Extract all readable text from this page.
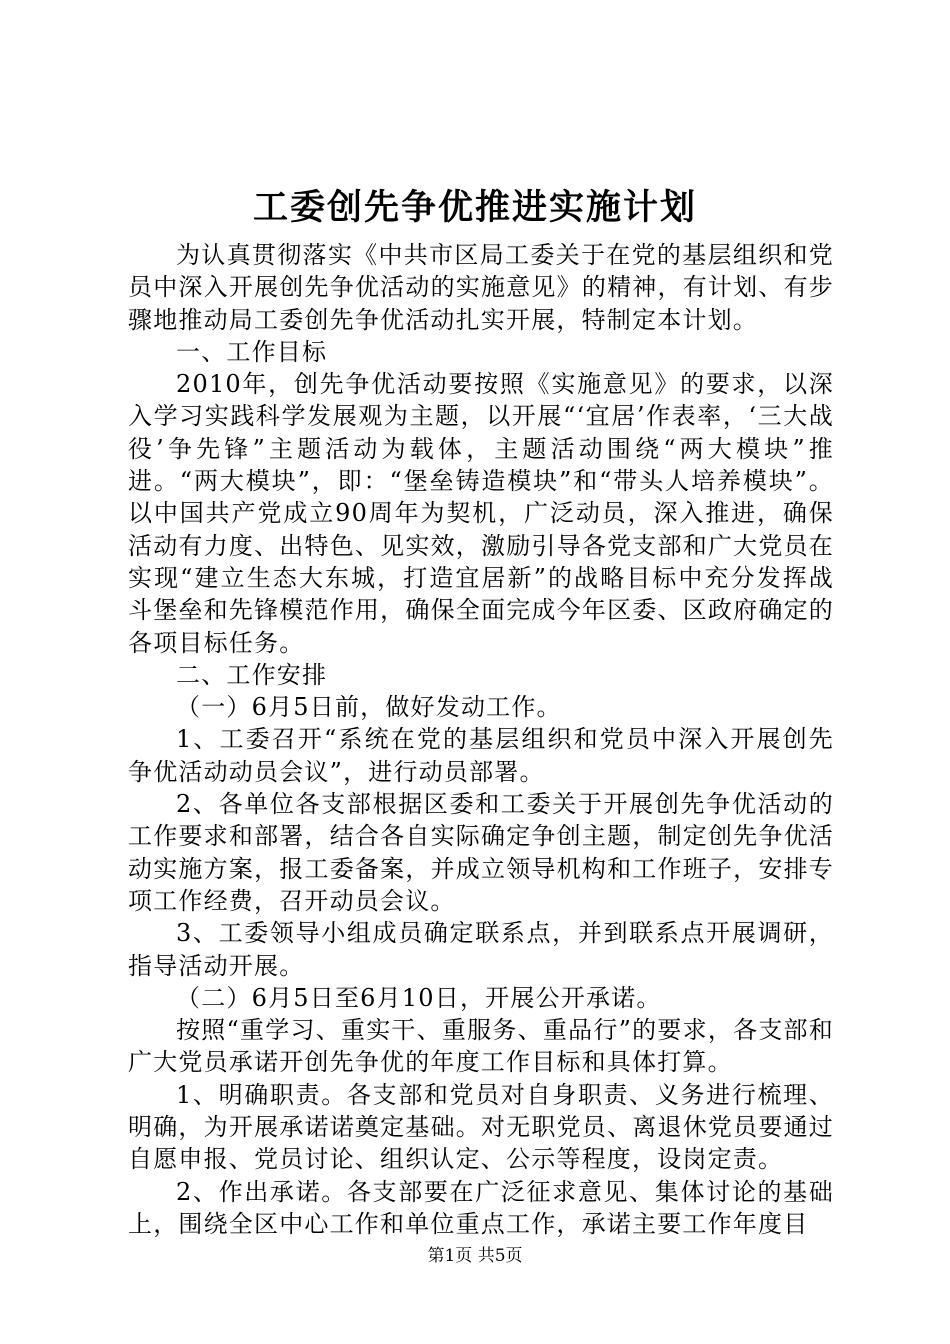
工委创先争优推进实施计划

为认真贯彻落实《中共市区局工委关于在党的基层组织和党员中深入开展创先争优活动的实施意见》的精神，有计划、有步骤地推动局工委创先争优活动扎实开展，特制定本计划。

一、工作目标

2010年，创先争优活动要按照《实施意见》的要求，以深入学习实践科学发展观为主题，以开展“‘宜居’作表率，‘三大战役’争先锋”主题活动为载体，主题活动围绕“两大模块”推进。“两大模块”，即：“堡垒铸造模块”和“带头人培养模块”。以中国共产党成立90周年为契机，广泛动员，深入推进，确保活动有力度、出特色、见实效，激励引导各党支部和广大党员在实现“建立生态大东城，打造宜居新”的战略目标中充分发挥战斗堡垒和先锋模范作用，确保全面完成今年区委、区政府确定的各项目标任务。

二、工作安排

（一）6月5日前，做好发动工作。

1、工委召开“系统在党的基层组织和党员中深入开展创先争优活动动员会议”，进行动员部署。

2、各单位各支部根据区委和工委关于开展创先争优活动的工作要求和部署，结合各自实际确定争创主题，制定创先争优活动实施方案，报工委备案，并成立领导机构和工作班子，安排专项工作经费，召开动员会议。

3、工委领导小组成员确定联系点，并到联系点开展调研，指导活动开展。

（二）6月5日至6月10日，开展公开承诺。

按照“重学习、重实干、重服务、重品行”的要求，各支部和广大党员承诺开创先争优的年度工作目标和具体打算。

1、明确职责。各支部和党员对自身职责、义务进行梳理、明确，为开展承诺诺奠定基础。对无职党员、离退休党员要通过自愿申报、党员讨论、组织认定、公示等程度，设岗定责。

2、作出承诺。各支部要在广泛征求意见、集体讨论的基础上，围绕全区中心工作和单位重点工作，承诺主要工作年度目

第1页 共5页
